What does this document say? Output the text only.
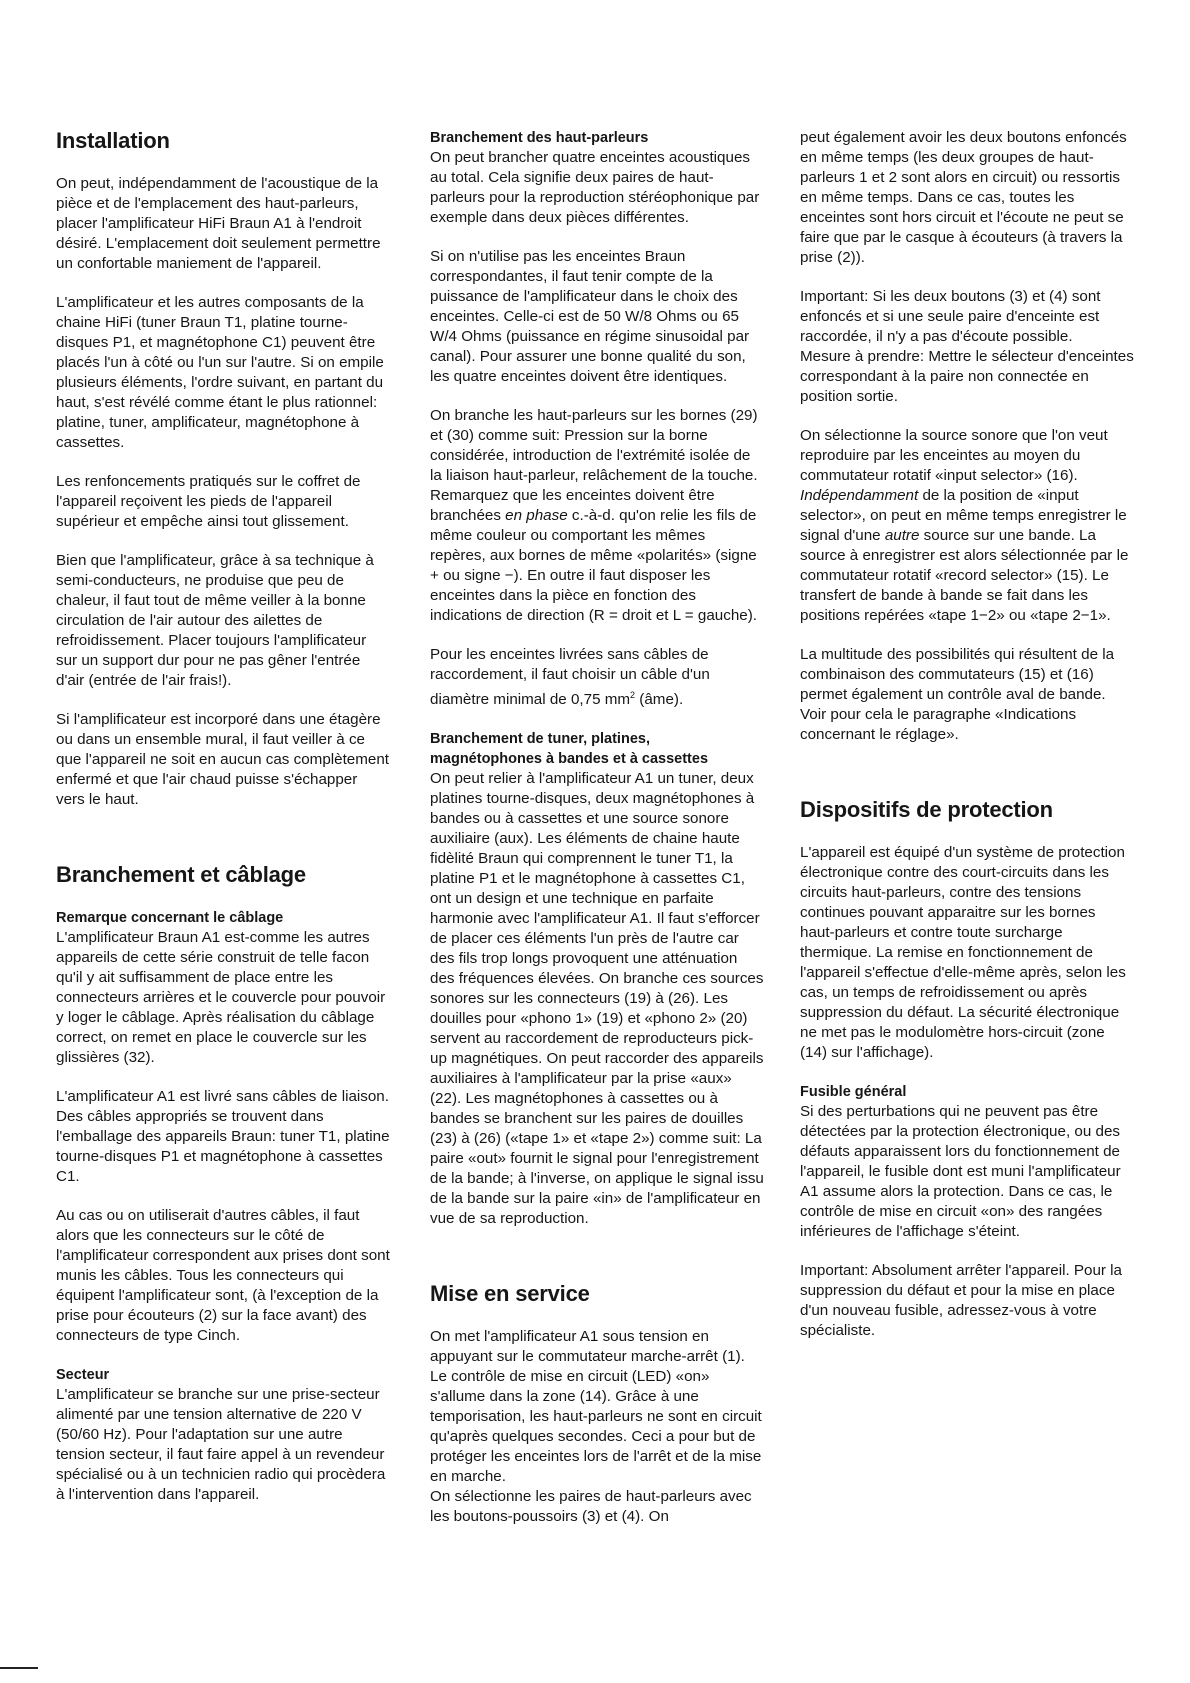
Installation

On peut, indépendamment de l'acoustique de la pièce et de l'emplacement des haut-parleurs, placer l'amplificateur HiFi Braun A1 à l'endroit désiré. L'emplacement doit seulement permettre un confortable maniement de l'appareil.

L'amplificateur et les autres composants de la chaine HiFi (tuner Braun T1, platine tourne-disques P1, et magnétophone C1) peuvent être placés l'un à côté ou l'un sur l'autre. Si on empile plusieurs éléments, l'ordre suivant, en partant du haut, s'est révélé comme étant le plus rationnel: platine, tuner, amplificateur, magnétophone à cassettes.

Les renfoncements pratiqués sur le coffret de l'appareil reçoivent les pieds de l'appareil supérieur et empêche ainsi tout glissement.

Bien que l'amplificateur, grâce à sa technique à semi-conducteurs, ne produise que peu de chaleur, il faut tout de même veiller à la bonne circulation de l'air autour des ailettes de refroidissement. Placer toujours l'amplificateur sur un support dur pour ne pas gêner l'entrée d'air (entrée de l'air frais!).

Si l'amplificateur est incorporé dans une étagère ou dans un ensemble mural, il faut veiller à ce que l'appareil ne soit en aucun cas complètement enfermé et que l'air chaud puisse s'échapper vers le haut.

Branchement et câblage
Remarque concernant le câblage

L'amplificateur Braun A1 est-comme les autres appareils de cette série construit de telle facon qu'il y ait suffisamment de place entre les connecteurs arrières et le couvercle pour pouvoir y loger le câblage. Après réalisation du câblage correct, on remet en place le couvercle sur les glissières (32).

L'amplificateur A1 est livré sans câbles de liaison. Des câbles appropriés se trouvent dans l'emballage des appareils Braun: tuner T1, platine tourne-disques P1 et magnétophone à cassettes C1.

Au cas ou on utiliserait d'autres câbles, il faut alors que les connecteurs sur le côté de l'amplificateur correspondent aux prises dont sont munis les câbles. Tous les connecteurs qui équipent l'amplificateur sont, (à l'exception de la prise pour écouteurs (2) sur la face avant) des connecteurs de type Cinch.

Secteur

L'amplificateur se branche sur une prise-secteur alimenté par une tension alternative de 220 V (50/60 Hz). Pour l'adaptation sur une autre tension secteur, il faut faire appel à un revendeur spécialisé ou à un technicien radio qui procèdera à l'intervention dans l'appareil.

Branchement des haut-parleurs

On peut brancher quatre enceintes acoustiques au total. Cela signifie deux paires de haut-parleurs pour la reproduction stéréophonique par exemple dans deux pièces différentes.

Si on n'utilise pas les enceintes Braun correspondantes, il faut tenir compte de la puissance de l'amplificateur dans le choix des enceintes. Celle-ci est de 50 W/8 Ohms ou 65 W/4 Ohms (puissance en régime sinusoidal par canal). Pour assurer une bonne qualité du son, les quatre enceintes doivent être identiques.

On branche les haut-parleurs sur les bornes (29) et (30) comme suit: Pression sur la borne considérée, introduction de l'extrémité isolée de la liaison haut-parleur, relâchement de la touche. Remarquez que les enceintes doivent être branchées en phase c.-à-d. qu'on relie les fils de même couleur ou comportant les mêmes repères, aux bornes de même «polarités» (signe + ou signe −). En outre il faut disposer les enceintes dans la pièce en fonction des indications de direction (R = droit et L = gauche).

Pour les enceintes livrées sans câbles de raccordement, il faut choisir un câble d'un diamètre minimal de 0,75 $mm^2$ (âme).

Branchement de tuner, platines,
magnétophones à bandes et à cassettes

On peut relier à l'amplificateur A1 un tuner, deux platines tourne-disques, deux magnétophones à bandes ou à cassettes et une source sonore auxiliaire (aux). Les éléments de chaine haute fidèlité Braun qui comprennent le tuner T1, la platine P1 et le magnétophone à cassettes C1, ont un design et une technique en parfaite harmonie avec l'amplificateur A1. Il faut s'efforcer de placer ces éléments l'un près de l'autre car des fils trop longs provoquent une atténuation des fréquences élevées. On branche ces sources sonores sur les connecteurs (19) à (26). Les douilles pour «phono 1» (19) et «phono 2» (20) servent au raccordement de reproducteurs pick-up magnétiques. On peut raccorder des appareils auxiliaires à l'amplificateur par la prise «aux» (22). Les magnétophones à cassettes ou à bandes se branchent sur les paires de douilles (23) à (26) («tape 1» et «tape 2») comme suit: La paire «out» fournit le signal pour l'enregistrement de la bande; à l'inverse, on applique le signal issu de la bande sur la paire «in» de l'amplificateur en vue de sa reproduction.

Mise en service

On met l'amplificateur A1 sous tension en appuyant sur le commutateur marche-arrêt (1). Le contrôle de mise en circuit (LED) «on» s'allume dans la zone (14). Grâce à une temporisation, les haut-parleurs ne sont en circuit qu'après quelques secondes. Ceci a pour but de protéger les enceintes lors de l'arrêt et de la mise en marche.

On sélectionne les paires de haut-parleurs avec les boutons-poussoirs (3) et (4). On

peut également avoir les deux boutons enfoncés en même temps (les deux groupes de haut-parleurs 1 et 2 sont alors en circuit) ou ressortis en même temps. Dans ce cas, toutes les enceintes sont hors circuit et l'écoute ne peut se faire que par le casque à écouteurs (à travers la prise (2)).

Important: Si les deux boutons (3) et (4) sont enfoncés et si une seule paire d'enceinte est raccordée, il n'y a pas d'écoute possible.

Mesure à prendre: Mettre le sélecteur d'enceintes correspondant à la paire non connectée en position sortie.

On sélectionne la source sonore que l'on veut reproduire par les enceintes au moyen du commutateur rotatif «input selector» (16). Indépendamment de la position de «input selector», on peut en même temps enregistrer le signal d'une autre source sur une bande. La source à enregistrer est alors sélectionnée par le commutateur rotatif «record selector» (15). Le transfert de bande à bande se fait dans les positions repérées «tape 1−2» ou «tape 2−1».

La multitude des possibilités qui résultent de la combinaison des commutateurs (15) et (16) permet également un contrôle aval de bande. Voir pour cela le paragraphe «Indications concernant le réglage».

Dispositifs de protection

L'appareil est équipé d'un système de protection électronique contre des court-circuits dans les circuits haut-parleurs, contre des tensions continues pouvant apparaitre sur les bornes haut-parleurs et contre toute surcharge thermique. La remise en fonctionnement de l'appareil s'effectue d'elle-même après, selon les cas, un temps de refroidissement ou après suppression du défaut. La sécurité électronique ne met pas le modulomètre hors-circuit (zone (14) sur l'affichage).

Fusible général

Si des perturbations qui ne peuvent pas être détectées par la protection électronique, ou des défauts apparaissent lors du fonctionnement de l'appareil, le fusible dont est muni l'amplificateur A1 assume alors la protection. Dans ce cas, le contrôle de mise en circuit «on» des rangées inférieures de l'affichage s'éteint.

Important: Absolument arrêter l'appareil. Pour la suppression du défaut et pour la mise en place d'un nouveau fusible, adressez-vous à votre spécialiste.
